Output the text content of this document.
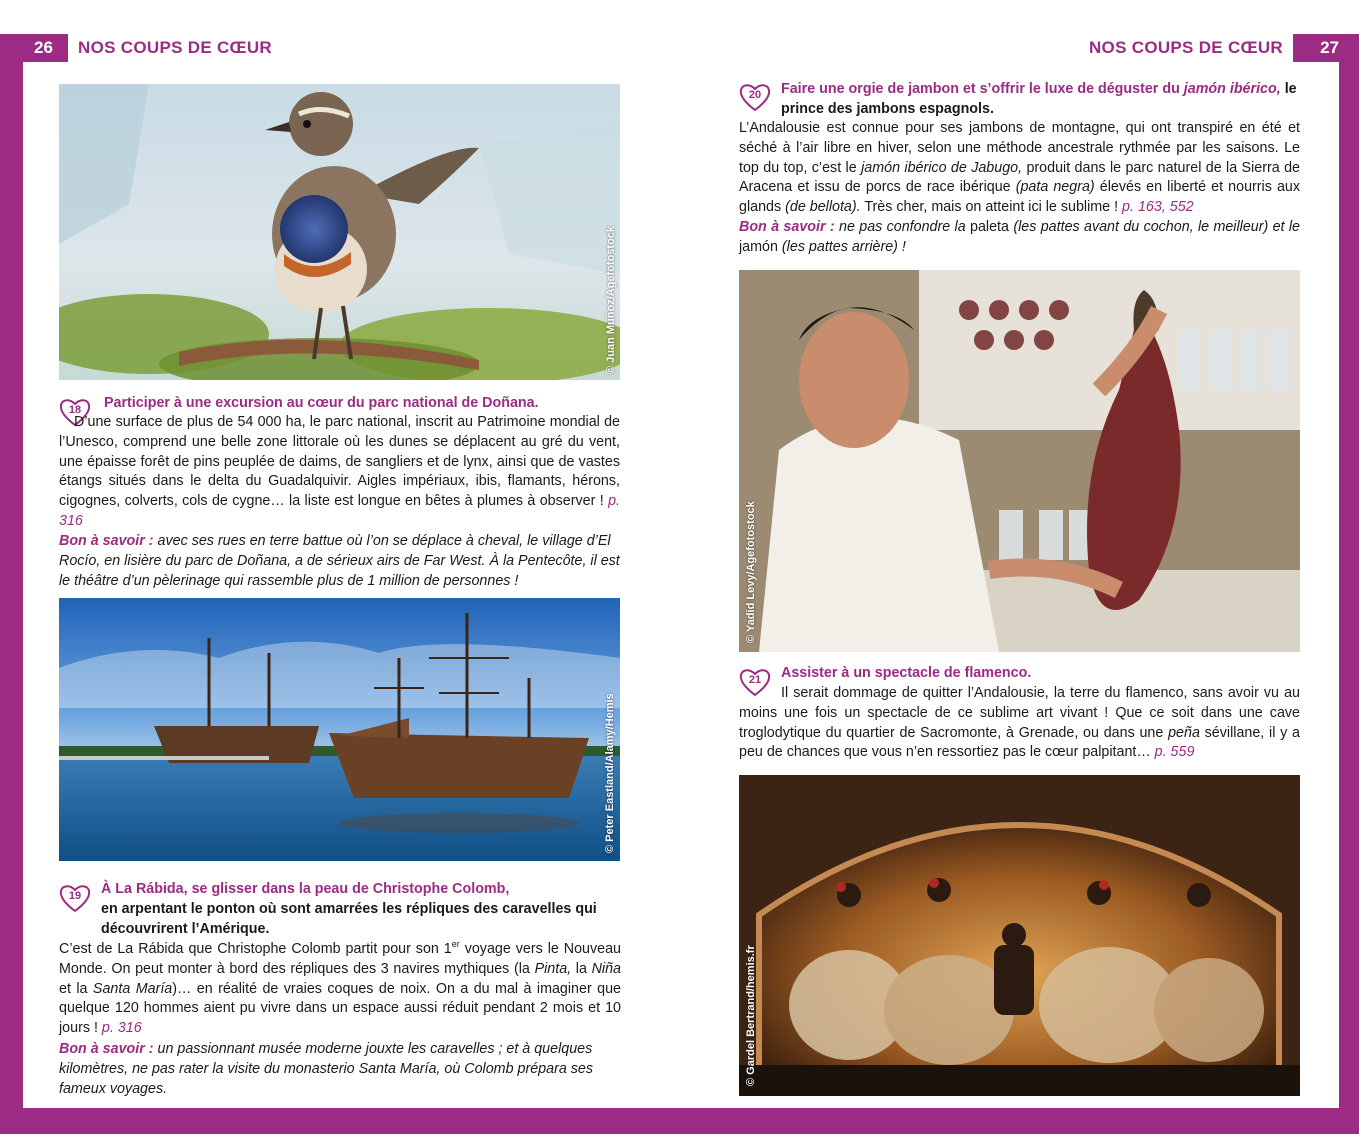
26 NOS COUPS DE CŒUR	NOS COUPS DE CŒUR 27
© Juan Muñoz/Agefotostock
18	Participer à une excursion au cœur du parc national de Doñana.

D’une surface de plus de 54 000 ha, le parc national, inscrit au Patrimoine mondial de l’Unesco, comprend une belle zone littorale où les dunes se déplacent au gré du vent, une épaisse forêt de pins peuplée de daims, de sangliers et de lynx, ainsi que de vastes étangs situés dans le delta du Guadalquivir. Aigles impériaux, ibis, flamants, hérons, cigognes, colverts, cols de cygne… la liste est longue en bêtes à plumes à observer ! p. 316

Bon à savoir : avec ses rues en terre battue où l’on se déplace à cheval, le village d’El Rocío, en lisière du parc de Doñana, a de sérieux airs de Far West. À la Pentecôte, il est le théâtre d’un pèlerinage qui rassemble plus de 1 million de personnes !

© Peter Eastland/Alamy/Hemis
19	À La Rábida, se glisser dans la peau de Christophe Colomb,

en arpentant le ponton où sont amarrées les répliques des caravelles qui découvrirent l’Amérique.

C’est de La Rábida que Christophe Colomb partit pour son 1er voyage vers le Nouveau Monde. On peut monter à bord des répliques des 3 navires mythiques (la Pinta, la Niña et la Santa María)… en réalité de vraies coques de noix. On a du mal à imaginer que quelque 120 hommes aient pu vivre dans un espace aussi réduit pendant 2 mois et 10 jours ! p. 316

Bon à savoir : un passionnant musée moderne jouxte les caravelles ; et à quelques kilomètres, ne pas rater la visite du monasterio Santa María, où Colomb prépara ses fameux voyages.

20	Faire une orgie de jambon et s’offrir le luxe de déguster du jamón ibérico, le prince des jambons espagnols.

L’Andalousie est connue pour ses jambons de montagne, qui ont transpiré en été et séché à l’air libre en hiver, selon une méthode ancestrale rythmée par les saisons. Le top du top, c’est le jamón ibérico de Jabugo, produit dans le parc naturel de la Sierra de Aracena et issu de porcs de race ibérique (pata negra) élevés en liberté et nourris aux glands (de bellota). Très cher, mais on atteint ici le sublime ! p. 163, 552

Bon à savoir : ne pas confondre la paleta (les pattes avant du cochon, le meilleur) et le jamón (les pattes arrière) !

© Yadid Levy/Agefotostock
21	Assister à un spectacle de flamenco.

Il serait dommage de quitter l’Andalousie, la terre du flamenco, sans avoir vu au moins une fois un spectacle de ce sublime art vivant ! Que ce soit dans une cave troglodytique du quartier de Sacromonte, à Grenade, ou dans une peña sévillane, il y a peu de chances que vous n’en ressortiez pas le cœur palpitant… p. 559

© Gardel Bertrand/hemis.fr
